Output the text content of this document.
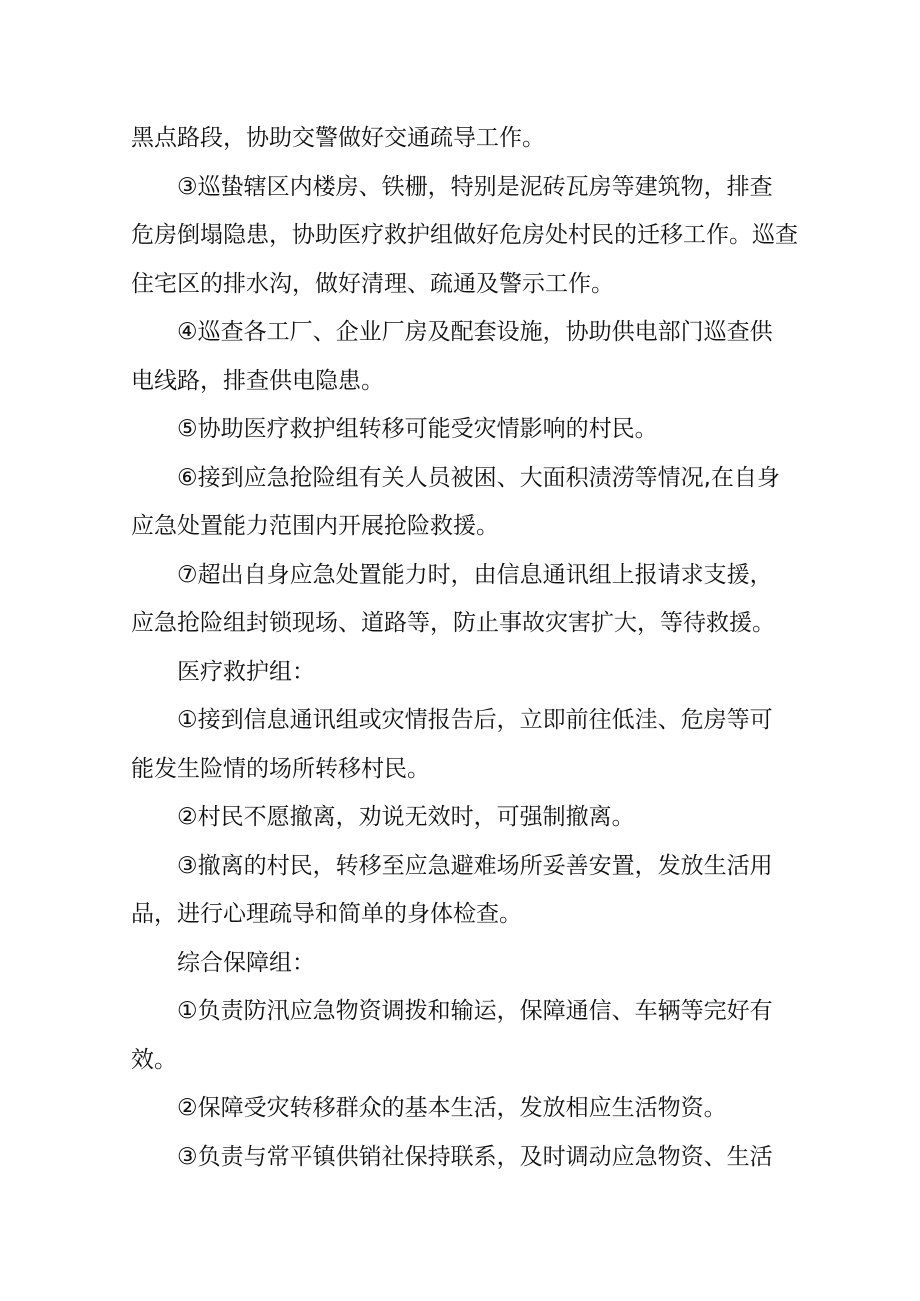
黑点路段，协助交警做好交通疏导工作。
③巡蛰辖区内楼房、铁栅，特别是泥砖瓦房等建筑物，排查
危房倒塌隐患，协助医疗救护组做好危房处村民的迁移工作。巡查
住宅区的排水沟，做好清理、疏通及警示工作。
④巡查各工厂、企业厂房及配套设施，协助供电部门巡查供
电线路，排查供电隐患。
⑤协助医疗救护组转移可能受灾情影响的村民。
⑥接到应急抢险组有关人员被困、大面积渍涝等情况,在自身
应急处置能力范围内开展抢险救援。
⑦超出自身应急处置能力时，由信息通讯组上报请求支援，
应急抢险组封锁现场、道路等，防止事故灾害扩大，等待救援。
医疗救护组：
①接到信息通讯组或灾情报告后，立即前往低洼、危房等可
能发生险情的场所转移村民。
②村民不愿撤离，劝说无效时，可强制撤离。
③撤离的村民，转移至应急避难场所妥善安置，发放生活用
品，进行心理疏导和简单的身体检查。
综合保障组：
①负责防汛应急物资调拨和输运，保障通信、车辆等完好有
效。
②保障受灾转移群众的基本生活，发放相应生活物资。
③负责与常平镇供销社保持联系，及时调动应急物资、生活
